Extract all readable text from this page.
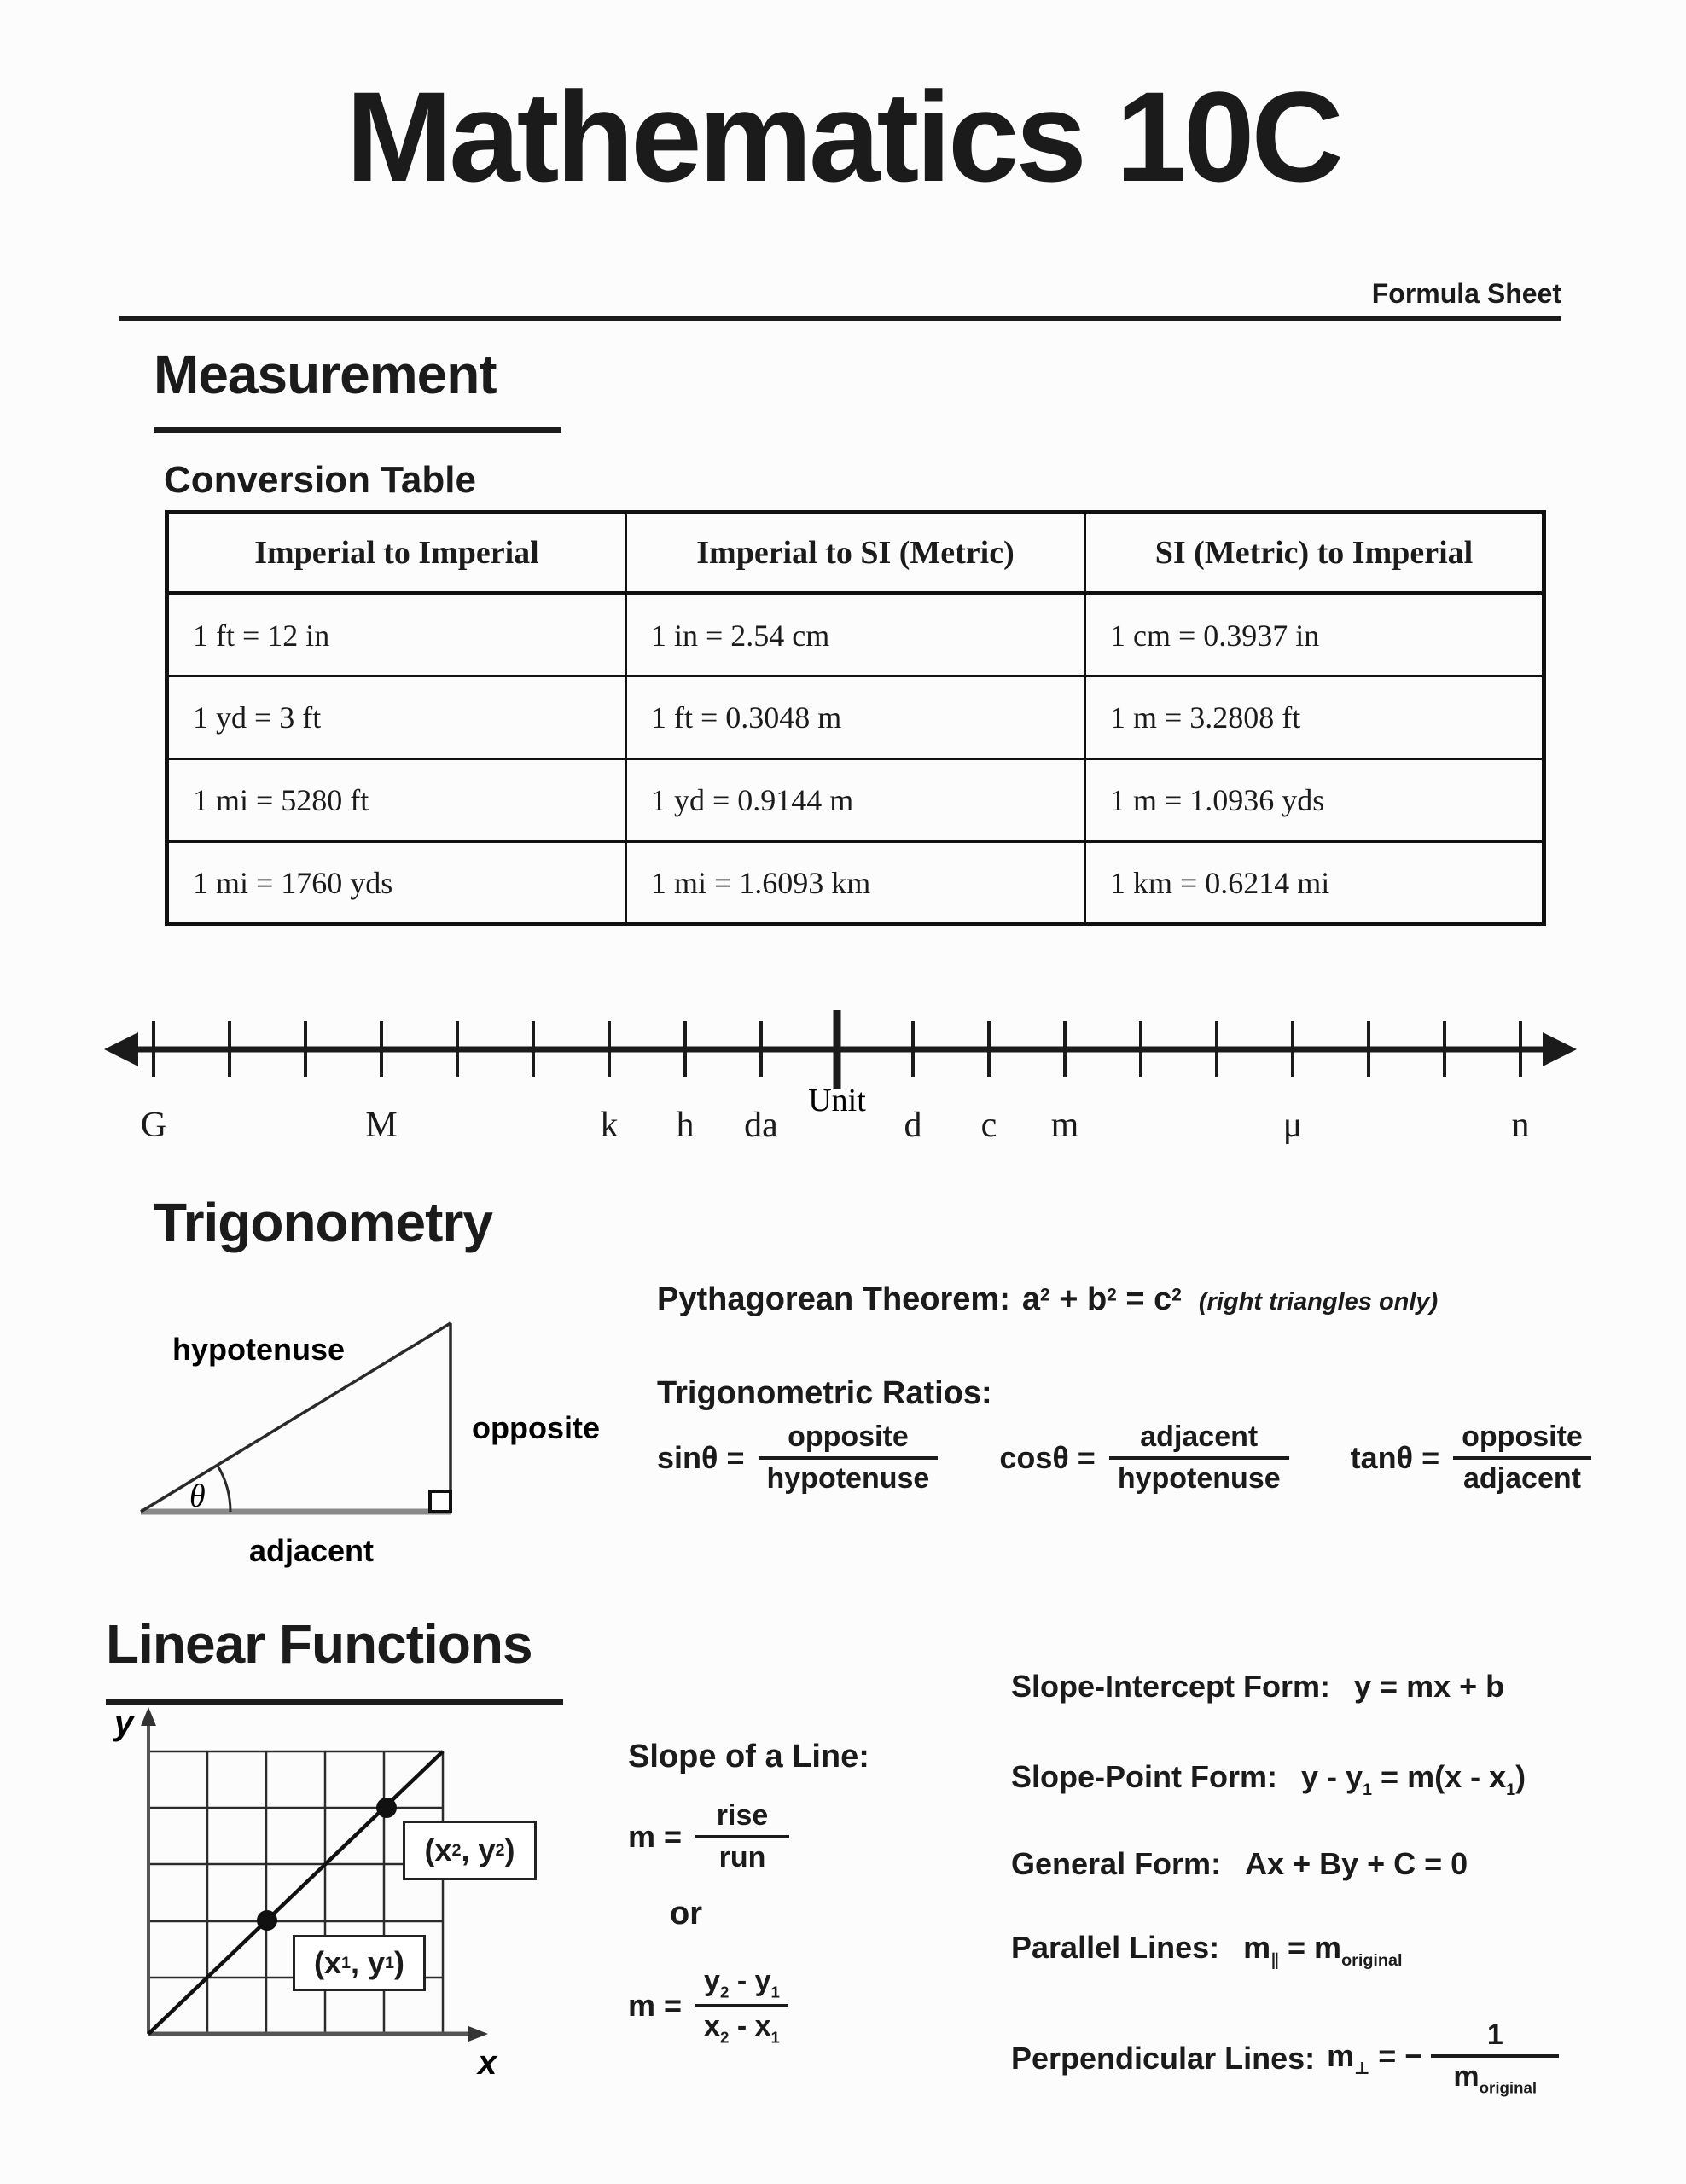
Mathematics 10C
Formula Sheet
Measurement
Conversion Table
Imperial to Imperial	Imperial to SI (Metric)	SI (Metric) to Imperial
1 ft = 12 in	1 in = 2.54 cm	1 cm = 0.3937 in
1 yd = 3 ft	1 ft = 0.3048 m	1 m = 3.2808 ft
1 mi = 5280 ft	1 yd = 0.9144 m	1 m = 1.0936 yds
1 mi = 1760 yds	1 mi = 1.6093 km	1 km = 0.6214 mi
Unit
G	M	k h da	d c m	μ	n
Trigonometry
θ
hypotenuse
opposite
adjacent
Pythagorean Theorem: $a^2 + b^2 = c^2$ (right triangles only)
Trigonometric Ratios:
$\sin\theta = \frac{\text{opposite}}{\text{hypotenuse}}$ $\cos\theta = \frac{\text{adjacent}}{\text{hypotenuse}}$ $\tan\theta = \frac{\text{opposite}}{\text{adjacent}}$
Linear Functions
y
x
(x 1 , y 1 )
(x 2 , y 2 )
Slope of a Line:
$m = \frac{\text{rise}}{\text{run}}$
or
$m = \frac{y_2 - y_1}{x_2 - x_1}$
Slope-Intercept Form: y = mx + b
Slope-Point Form: $y - y_1 = m(x - x_1)$
General Form: Ax + By + C = 0
Parallel Lines: $m_\parallel = m_{original}$
Perpendicular Lines: $m_\perp$ = − $\frac{1}{m_{original}}$
